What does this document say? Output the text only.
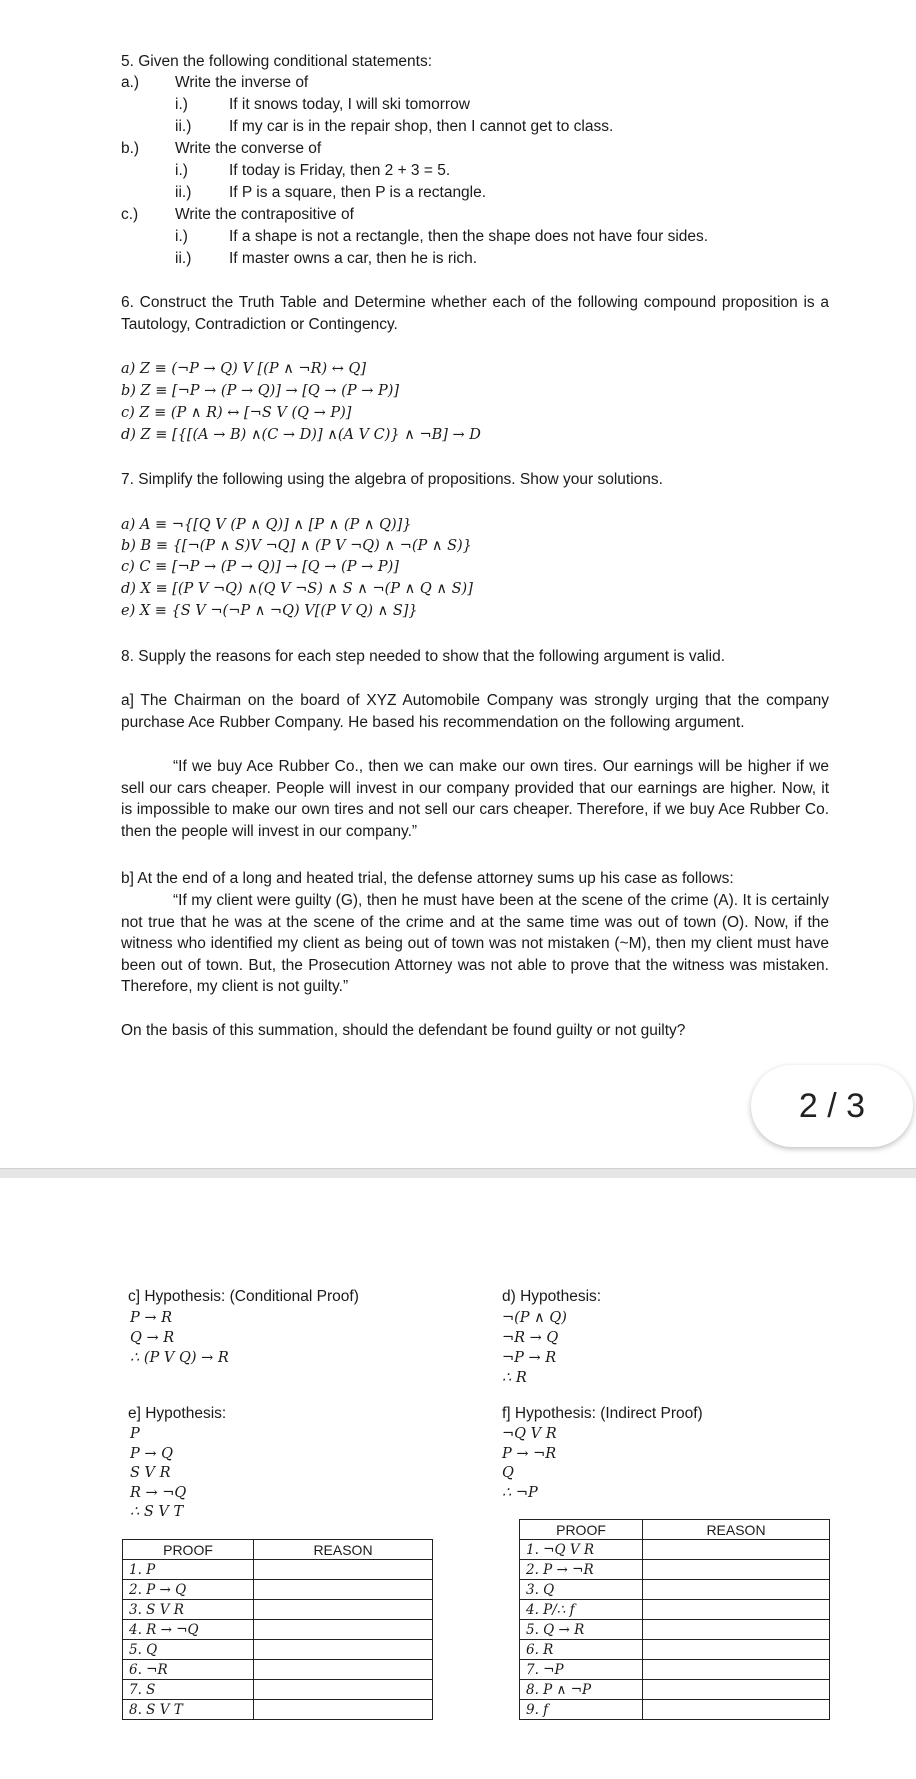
5. Given the following conditional statements:
a.) Write the inverse of
i.)	If it snows today, I will ski tomorrow
ii.) If my car is in the repair shop, then I cannot get to class.
b.) Write the converse of
i.)	If today is Friday, then 2 + 3 = 5.
ii.) If P is a square, then P is a rectangle.
c.) Write the contrapositive of
i.)	If a shape is not a rectangle, then the shape does not have four sides.
ii.) If master owns a car, then he is rich.
6. Construct the Truth Table and Determine whether each of the following compound proposition is a Tautology, Contradiction or Contingency.
a) Z ≡ (¬P → Q) V [(P ∧ ¬R) ↔ Q]
b) Z ≡ [¬P → (P → Q)] → [Q → (P → P)]
c) Z ≡ (P ∧ R) ↔ [¬S V (Q → P)]
d) Z ≡ [{[(A → B) ∧(C → D)] ∧(A V C)} ∧ ¬B] → D
7. Simplify the following using the algebra of propositions. Show your solutions.
a) A ≡ ¬{[Q V (P ∧ Q)] ∧ [P ∧ (P ∧ Q)]}
b) B ≡ {[¬(P ∧ S)V ¬Q] ∧ (P V ¬Q) ∧ ¬(P ∧ S)}
c) C ≡ [¬P → (P → Q)] → [Q → (P → P)]
d) X ≡ [(P V ¬Q) ∧(Q V ¬S) ∧ S ∧ ¬(P ∧ Q ∧ S)]
e) X ≡ {S V ¬(¬P ∧ ¬Q) V[(P V Q) ∧ S]}
8. Supply the reasons for each step needed to show that the following argument is valid.
a] The Chairman on the board of XYZ Automobile Company was strongly urging that the company purchase Ace Rubber Company. He based his recommendation on the following argument.
“If we buy Ace Rubber Co., then we can make our own tires. Our earnings will be higher if we sell our cars cheaper. People will invest in our company provided that our earnings are higher. Now, it is impossible to make our own tires and not sell our cars cheaper. Therefore, if we buy Ace Rubber Co. then the people will invest in our company.”
b] At the end of a long and heated trial, the defense attorney sums up his case as follows:
“If my client were guilty (G), then he must have been at the scene of the crime (A). It is certainly not true that he was at the scene of the crime and at the same time was out of town (O). Now, if the witness who identified my client as being out of town was not mistaken (~M), then my client must have been out of town. But, the Prosecution Attorney was not able to prove that the witness was mistaken. Therefore, my client is not guilty.”
On the basis of this summation, should the defendant be found guilty or not guilty?
2 / 3
c] Hypothesis: (Conditional Proof)
P → R
Q → R
∴ (P V Q) → R
d) Hypothesis:
¬(P ∧ Q)
¬R → Q
¬P → R
∴ R
e] Hypothesis:
P
P → Q
S V R
R → ¬Q
∴ S V T
f] Hypothesis: (Indirect Proof)
¬Q V R
P → ¬R
Q
∴ ¬P
PROOF	REASON
1. P	
2. P → Q	
3. S V R	
4. R → ¬Q	
5. Q	
6. ¬R	
7. S	
8. S V T	
PROOF	REASON
1. ¬Q V R	
2. P → ¬R	
3. Q	
4. P/∴ f	
5. Q → R	
6. R	
7. ¬P	
8. P ∧ ¬P	
9. f	
